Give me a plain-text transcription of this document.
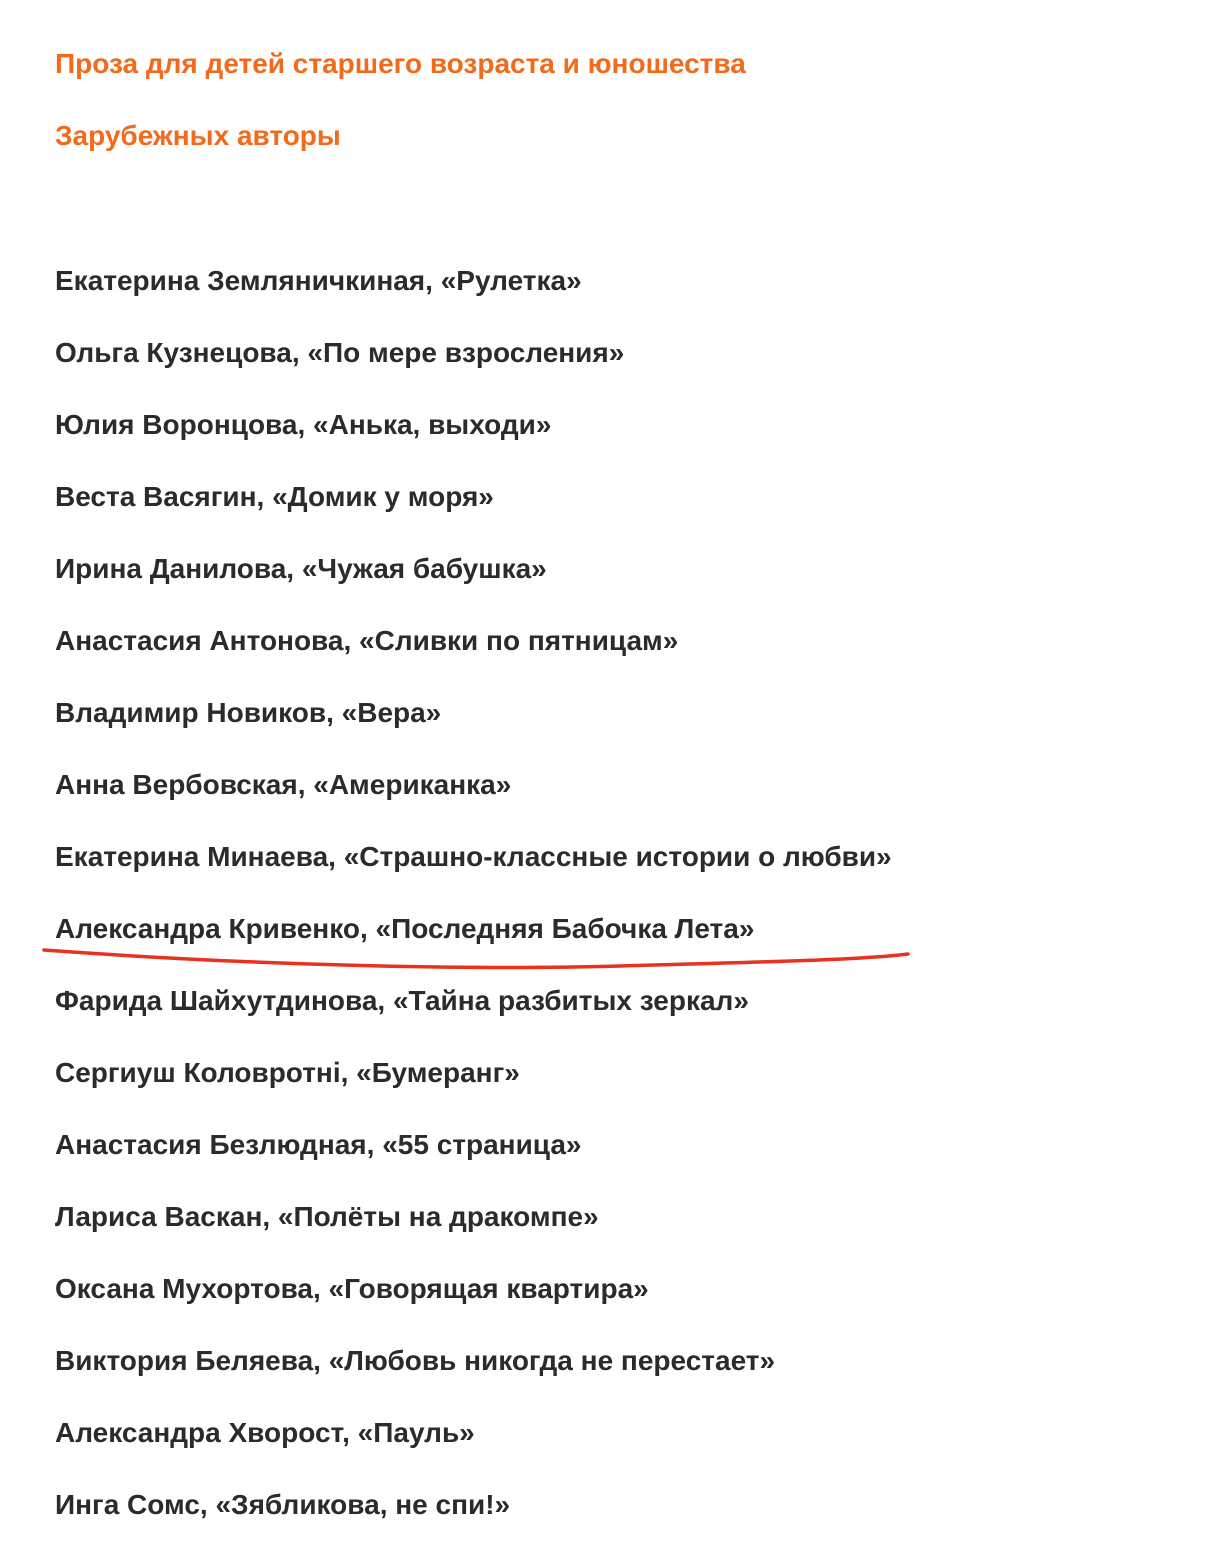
Проза для детей старшего возраста и юношества
Зарубежных авторы
Екатерина Земляничкиная, «Рулетка»
Ольга Кузнецова, «По мере взросления»
Юлия Воронцова, «Анька, выходи»
Веста Васягин, «Домик у моря»
Ирина Данилова, «Чужая бабушка»
Анастасия Антонова, «Сливки по пятницам»
Владимир Новиков, «Вера»
Анна Вербовская, «Американка»
Екатерина Минаева, «Страшно-классные истории о любви»
Александра Кривенко, «Последняя Бабочка Лета»
Фарида Шайхутдинова, «Тайна разбитых зеркал»
Сергиуш Коловротні, «Бумеранг»
Анастасия Безлюдная, «55 страница»
Лариса Васкан, «Полёты на дракомпе»
Оксана Мухортова, «Говорящая квартира»
Виктория Беляева, «Любовь никогда не перестает»
Александра Хворост, «Пауль»
Инга Сомс, «Зябликова, не спи!»
